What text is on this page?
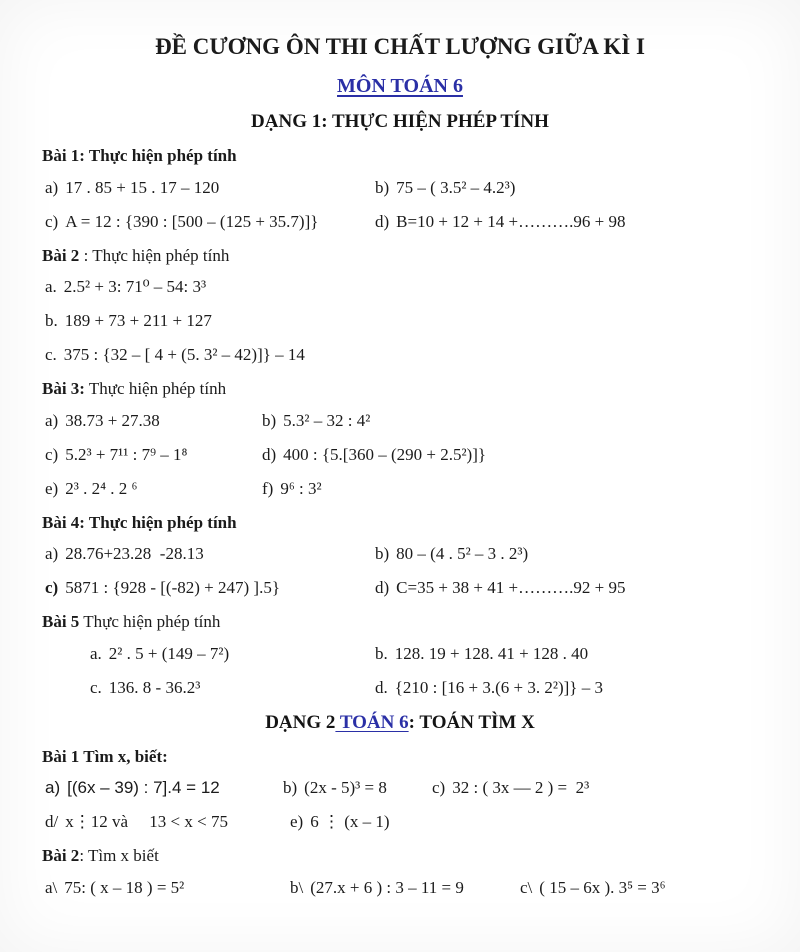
ĐỀ CƯƠNG ÔN THI CHẤT LƯỢNG GIỮA KÌ I
MÔN TOÁN 6
DẠNG 1: THỰC HIỆN PHÉP TÍNH
Bài 1: Thực hiện phép tính
a) 17 . 85 + 15 . 17 – 120	b) 75 – ( 3.5² – 4.2³)
c) A = 12 : {390 : [500 – (125 + 35.7)]}	d) B=10 + 12 + 14 +……….96 + 98
Bài 2 : Thực hiện phép tính
a. 2.5² + 3: 71⁰ – 54: 3³
b. 189 + 73 + 211 + 127
c. 375 : {32 – [ 4 + (5. 3² – 42)]} – 14
Bài 3: Thực hiện phép tính
a) 38.73 + 27.38	b) 5.3² – 32 : 4²
c) 5.2³ + 7¹¹ : 7⁹ – 1⁸	d) 400 : {5.[360 – (290 + 2.5²)]}
e) 2³ . 2⁴ . 2 ⁶	f) 9⁶ : 3²
Bài 4: Thực hiện phép tính
a) 28.76+23.28  -28.13	b) 80 – (4 . 5² – 3 . 2³)
c) 5871 : {928 - [(-82) + 247) ].5}	d) C=35 + 38 + 41 +……….92 + 95
Bài 5 Thực hiện phép tính
a. 2² . 5 + (149 – 7²)	b. 128. 19 + 128. 41 + 128 . 40
c. 136. 8 - 36.2³	d. {210 : [16 + 3.(6 + 3. 2²)]} – 3
DẠNG 2 TOÁN 6: TOÁN TÌM X
Bài 1 Tìm x, biết:
a) [(6x – 39) : 7].4 = 12	b) (2x - 5)³ = 8	c) 32 : ( 3x — 2 ) =  2³
d/ x⋮12 và     13 < x < 75	e) 6 ⋮ (x – 1)
Bài 2: Tìm x biết
a\ 75: ( x – 18 ) = 5²	b\ (27.x + 6 ) : 3 – 11 = 9	c\ ( 15 – 6x ). 3⁵ = 3⁶
